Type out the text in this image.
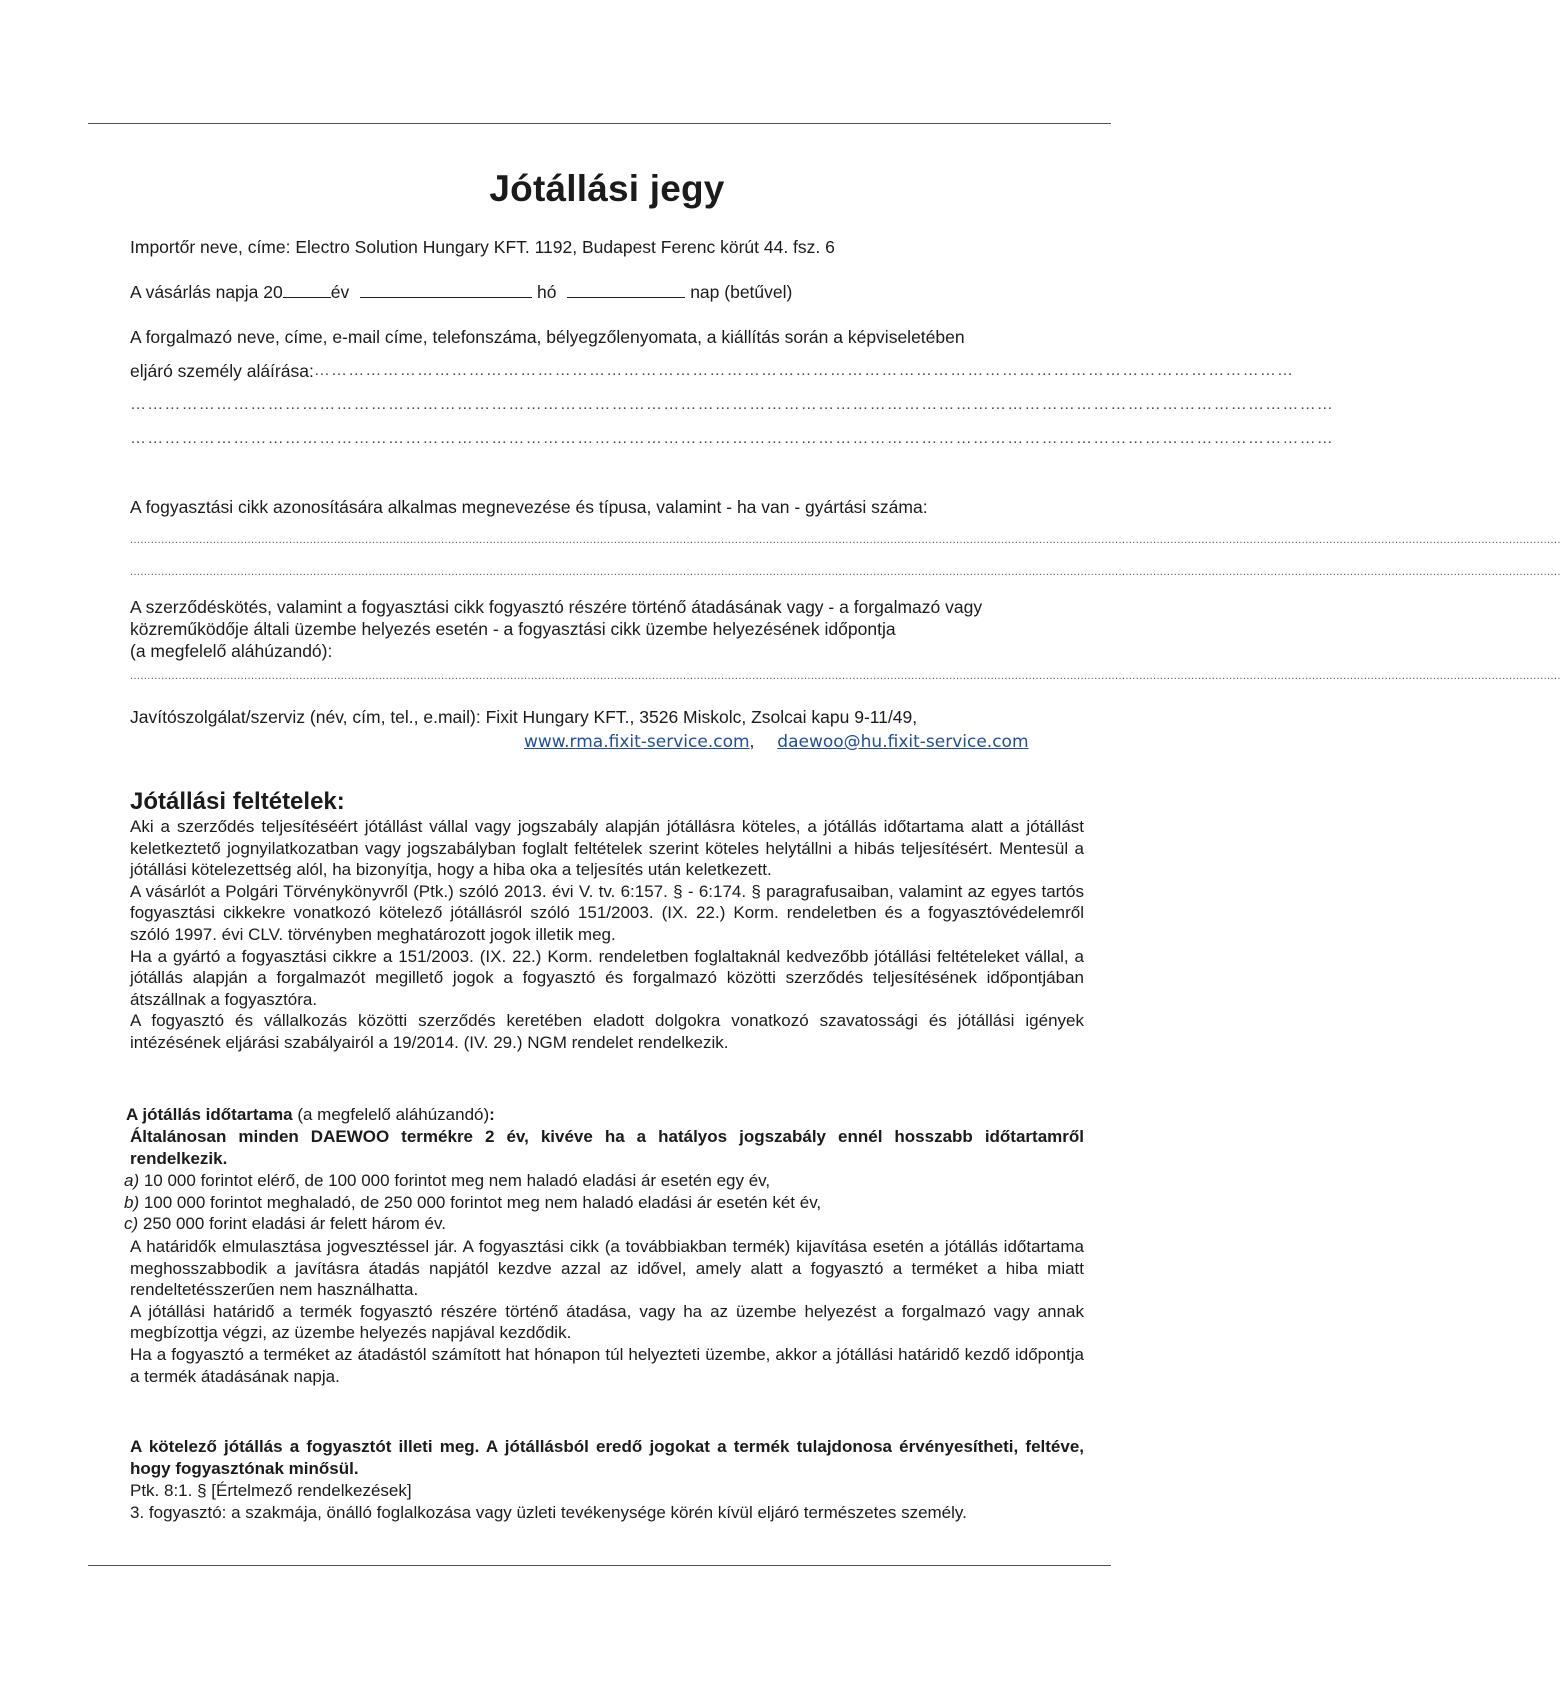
Jótállási jegy
Importőr neve, címe: Electro Solution Hungary KFT. 1192, Budapest Ferenc körút 44. fsz. 6
A vásárlás napja 20	év	hó	nap (betűvel)
A forgalmazó neve, címe, e-mail címe, telefonszáma, bélyegzőlenyomata, a kiállítás során a képviseletében
eljáró személy aláírása: ………………………………………………………………………………………………………………………………………………………
…………………………………………………………………………………………………………………………………………………………………………………………
…………………………………………………………………………………………………………………………………………………………………………………………
A fogyasztási cikk azonosítására alkalmas megnevezése és típusa, valamint - ha van - gyártási száma:
..............................................................................................................................................................................................................................................................................................................................................................................................................................
..............................................................................................................................................................................................................................................................................................................................................................................................................................
A szerződéskötés, valamint a fogyasztási cikk fogyasztó részére történő átadásának vagy - a forgalmazó vagy
közreműködője általi üzembe helyezés esetén - a fogyasztási cikk üzembe helyezésének időpontja
(a megfelelő aláhúzandó):
..............................................................................................................................................................................................................................................................................................................................................................................................................................
Javítószolgálat/szerviz (név, cím, tel., e.mail): Fixit Hungary KFT., 3526 Miskolc, Zsolcai kapu 9-11/49,
www.rma.fixit-service.com, daewoo@hu.fixit-service.com
Jótállási feltételek:

Aki a szerződés teljesítéséért jótállást vállal vagy jogszabály alapján jótállásra köteles, a jótállás időtartama alatt a jótállást keletkeztető jognyilatkozatban vagy jogszabályban foglalt feltételek szerint köteles helytállni a hibás teljesítésért. Mentesül a jótállási kötelezettség alól, ha bizonyítja, hogy a hiba oka a teljesítés után keletkezett.

A vásárlót a Polgári Törvénykönyvről (Ptk.) szóló 2013. évi V. tv. 6:157. § - 6:174. § paragrafusaiban, valamint az egyes tartós fogyasztási cikkekre vonatkozó kötelező jótállásról szóló 151/2003. (IX. 22.) Korm. rendeletben és a fogyasztóvédelemről szóló 1997. évi CLV. törvényben meghatározott jogok illetik meg.

Ha a gyártó a fogyasztási cikkre a 151/2003. (IX. 22.) Korm. rendeletben foglaltaknál kedvezőbb jótállási feltételeket vállal, a jótállás alapján a forgalmazót megillető jogok a fogyasztó és forgalmazó közötti szerződés teljesítésének időpontjában átszállnak a fogyasztóra.

A fogyasztó és vállalkozás közötti szerződés keretében eladott dolgokra vonatkozó szavatossági és jótállási igények intézésének eljárási szabályairól a 19/2014. (IV. 29.) NGM rendelet rendelkezik.

A jótállás időtartama (a megfelelő aláhúzandó):
Általánosan minden DAEWOO termékre 2 év, kivéve ha a hatályos jogszabály ennél hosszabb időtartamről rendelkezik.

a) 10 000 forintot elérő, de 100 000 forintot meg nem haladó eladási ár esetén egy év,

b) 100 000 forintot meghaladó, de 250 000 forintot meg nem haladó eladási ár esetén két év,

c) 250 000 forint eladási ár felett három év.

A határidők elmulasztása jogvesztéssel jár. A fogyasztási cikk (a továbbiakban termék) kijavítása esetén a jótállás időtartama meghosszabbodik a javításra átadás napjától kezdve azzal az idővel, amely alatt a fogyasztó a terméket a hiba miatt rendeltetésszerűen nem használhatta.

A jótállási határidő a termék fogyasztó részére történő átadása, vagy ha az üzembe helyezést a forgalmazó vagy annak megbízottja végzi, az üzembe helyezés napjával kezdődik.

Ha a fogyasztó a terméket az átadástól számított hat hónapon túl helyezteti üzembe, akkor a jótállási határidő kezdő időpontja a termék átadásának napja.

A kötelező jótállás a fogyasztót illeti meg. A jótállásból eredő jogokat a termék tulajdonosa érvényesítheti, feltéve, hogy fogyasztónak minősül.
Ptk. 8:1. § [Értelmező rendelkezések]
3. fogyasztó: a szakmája, önálló foglalkozása vagy üzleti tevékenysége körén kívül eljáró természetes személy.
